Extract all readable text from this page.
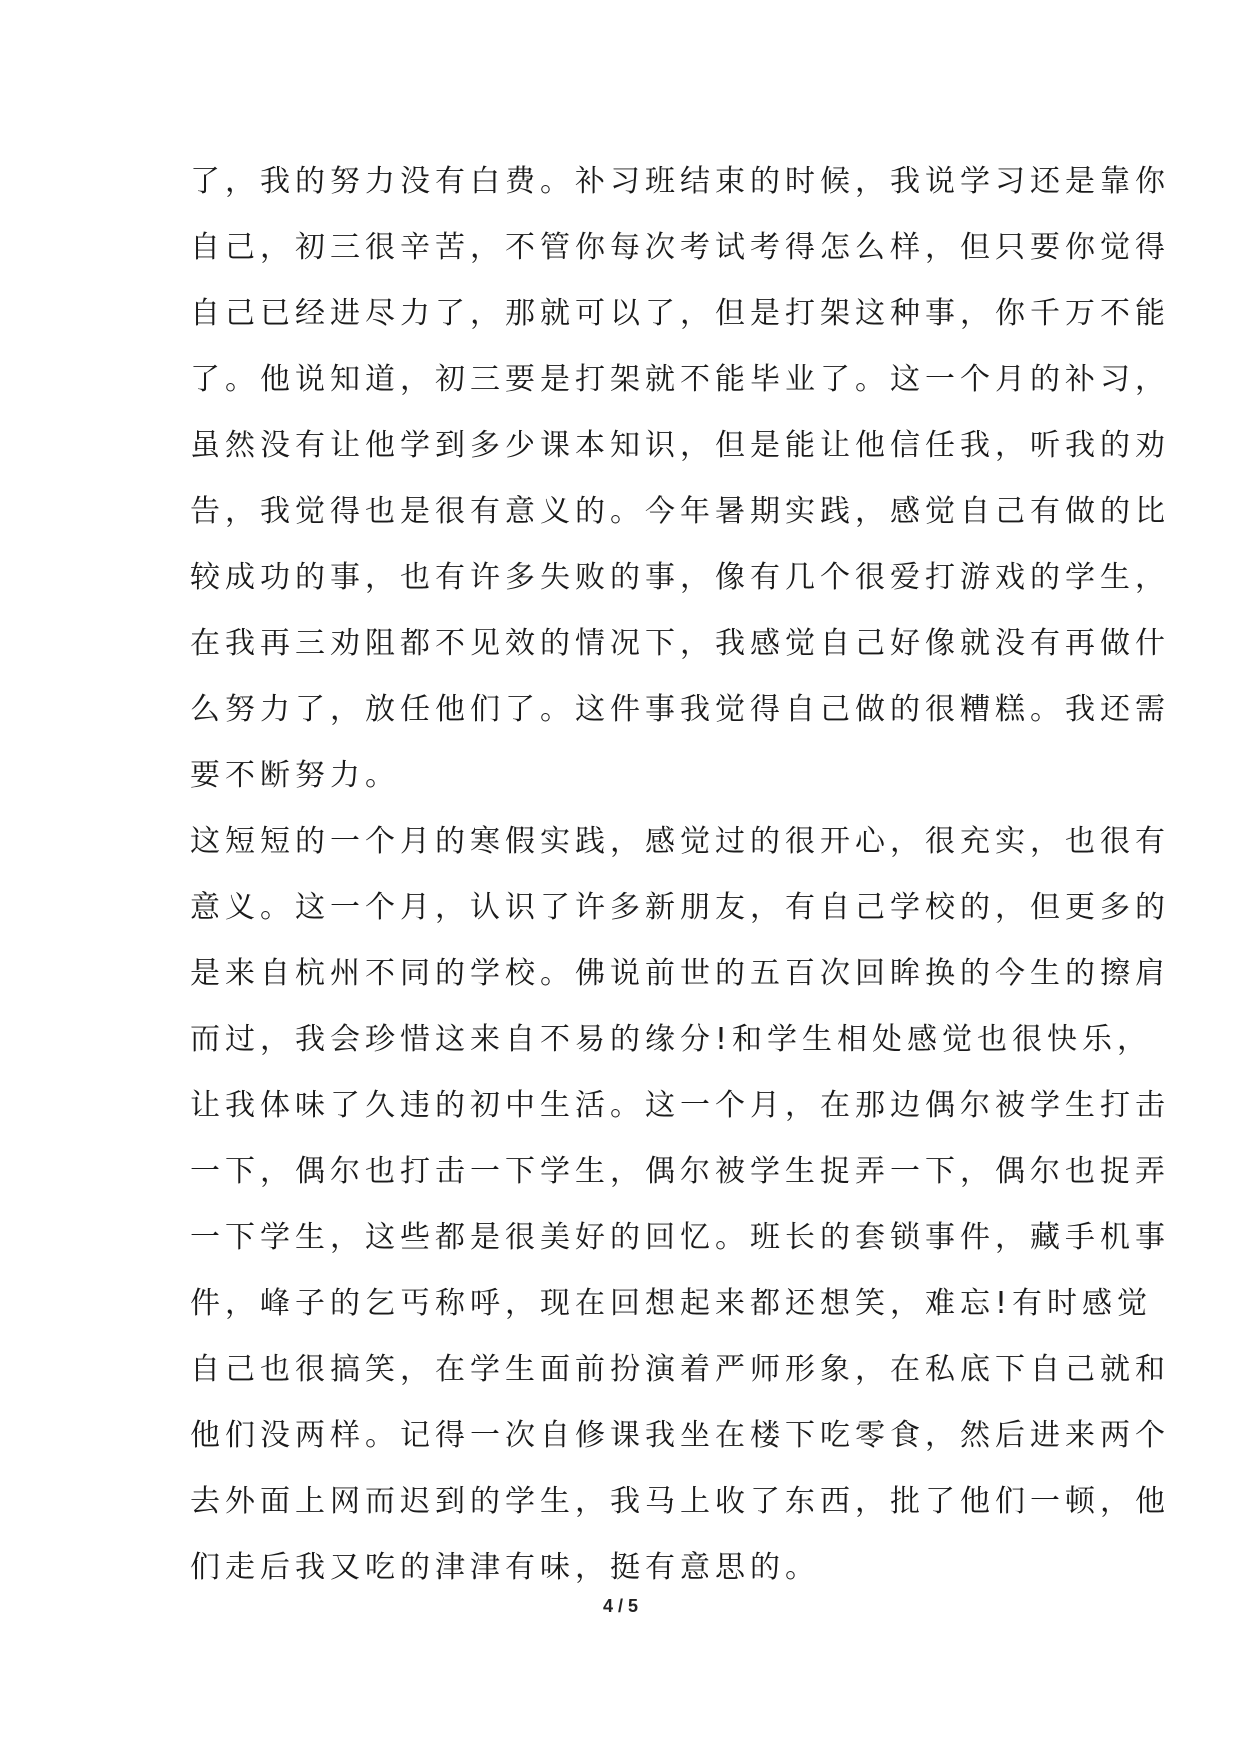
了，我的努力没有白费。补习班结束的时候，我说学习还是靠你
自己，初三很辛苦，不管你每次考试考得怎么样，但只要你觉得
自己已经进尽力了，那就可以了，但是打架这种事，你千万不能
了。他说知道，初三要是打架就不能毕业了。这一个月的补习，
虽然没有让他学到多少课本知识，但是能让他信任我，听我的劝
告，我觉得也是很有意义的。今年暑期实践，感觉自己有做的比
较成功的事，也有许多失败的事，像有几个很爱打游戏的学生，
在我再三劝阻都不见效的情况下，我感觉自己好像就没有再做什
么努力了，放任他们了。这件事我觉得自己做的很糟糕。我还需
要不断努力。
这短短的一个月的寒假实践，感觉过的很开心，很充实，也很有
意义。这一个月，认识了许多新朋友，有自己学校的，但更多的
是来自杭州不同的学校。佛说前世的五百次回眸换的今生的擦肩
而过，我会珍惜这来自不易的缘分!和学生相处感觉也很快乐，
让我体味了久违的初中生活。这一个月，在那边偶尔被学生打击
一下，偶尔也打击一下学生，偶尔被学生捉弄一下，偶尔也捉弄
一下学生，这些都是很美好的回忆。班长的套锁事件，藏手机事
件，峰子的乞丐称呼，现在回想起来都还想笑，难忘!有时感觉
自己也很搞笑，在学生面前扮演着严师形象，在私底下自己就和
他们没两样。记得一次自修课我坐在楼下吃零食，然后进来两个
去外面上网而迟到的学生，我马上收了东西，批了他们一顿，他
们走后我又吃的津津有味，挺有意思的。
4 / 5
